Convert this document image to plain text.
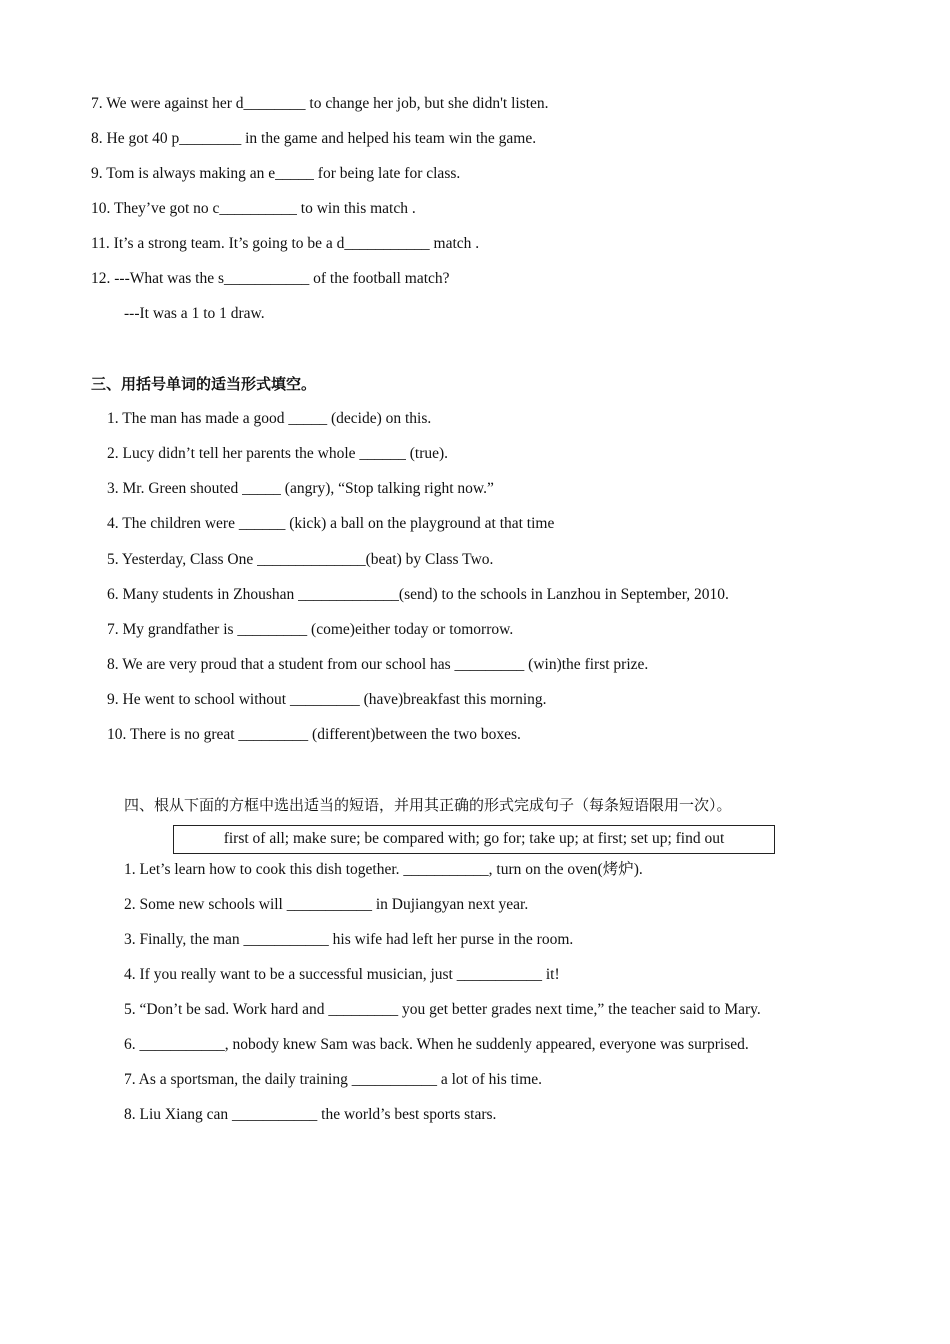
7. We were against her d________ to change her job, but she didn't listen.
8. He got 40 p________ in the game and helped his team win the game.
9. Tom is always making an e_____ for being late for class.
10. They’ve got no c__________ to win this match .
11. It’s a strong team. It’s going to be a d___________ match .
12. ---What was the s___________ of the football match?
---It was a 1 to 1 draw.
三、用括号单词的适当形式填空。
1. The man has made a good _____ (decide) on this.
2. Lucy didn’t tell her parents the whole ______ (true).
3. Mr. Green shouted _____ (angry), “Stop talking right now.”
4. The children were ______ (kick) a ball on the playground at that time
5. Yesterday, Class One ______________(beat) by Class Two.
6. Many students in Zhoushan _____________(send) to the schools in Lanzhou in September, 2010.
7. My grandfather is _________ (come)either today or tomorrow.
8. We are very proud that a student from our school has _________ (win)the first prize.
9. He went to school without _________ (have)breakfast this morning.
10. There is no great _________ (different)between the two boxes.
四、根从下面的方框中选出适当的短语，并用其正确的形式完成句子（每条短语限用一次）。
first of all; make sure; be compared with; go for; take up; at first; set up; find out
1. Let’s learn how to cook this dish together. ___________, turn on the oven(烤炉).
2. Some new schools will ___________ in Dujiangyan next year.
3. Finally, the man ___________ his wife had left her purse in the room.
4. If you really want to be a successful musician, just ___________ it!
5. “Don’t be sad. Work hard and _________ you get better grades next time,” the teacher said to Mary.
6. ___________, nobody knew Sam was back. When he suddenly appeared, everyone was surprised.
7. As a sportsman, the daily training ___________ a lot of his time.
8. Liu Xiang can ___________ the world’s best sports stars.
